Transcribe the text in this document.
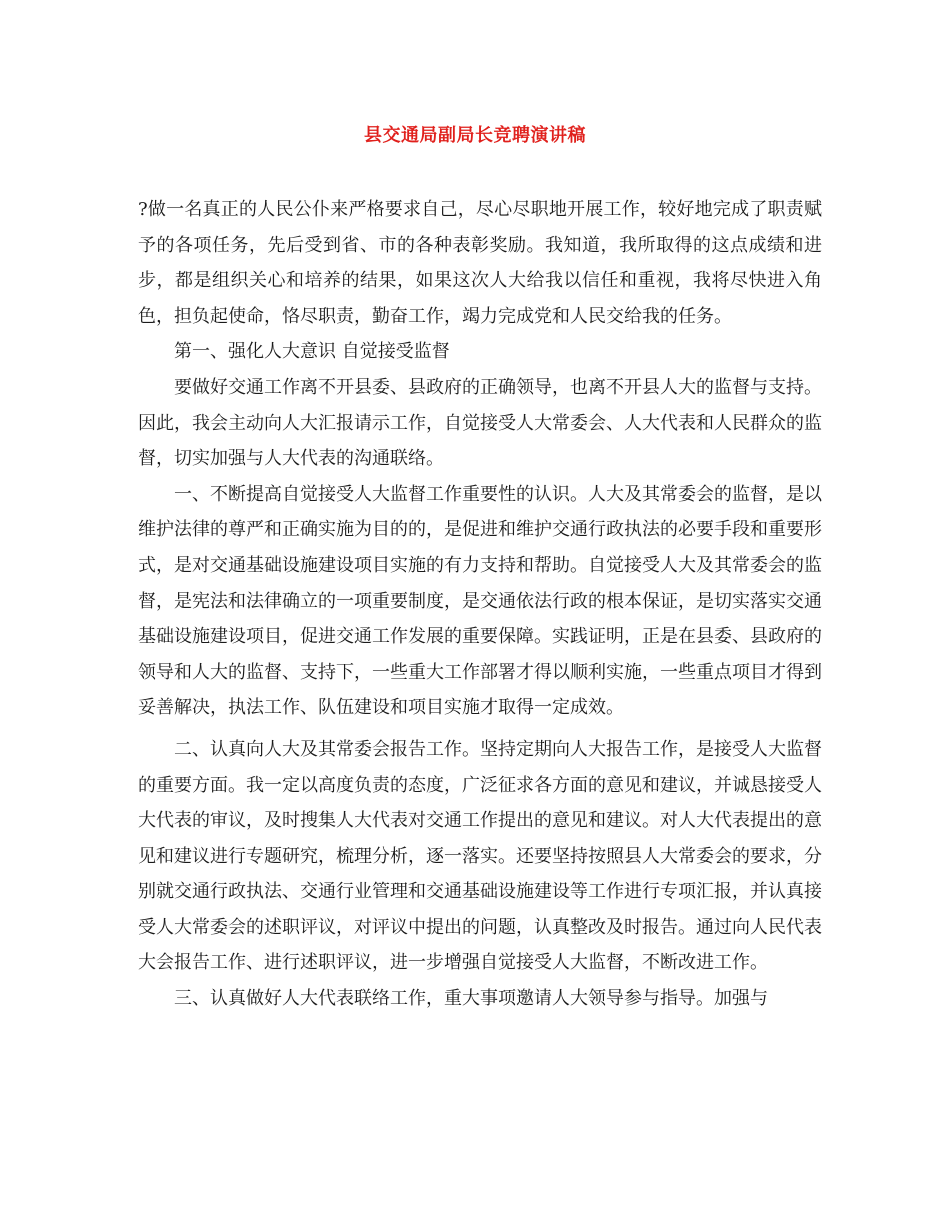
县交通局副局长竞聘演讲稿

?做一名真正的人民公仆来严格要求自己，尽心尽职地开展工作，较好地完成了职责赋予的各项任务，先后受到省、市的各种表彰奖励。我知道，我所取得的这点成绩和进步，都是组织关心和培养的结果，如果这次人大给我以信任和重视，我将尽快进入角色，担负起使命，恪尽职责，勤奋工作，竭力完成党和人民交给我的任务。

第一、强化人大意识 自觉接受监督

要做好交通工作离不开县委、县政府的正确领导，也离不开县人大的监督与支持。因此，我会主动向人大汇报请示工作，自觉接受人大常委会、人大代表和人民群众的监督，切实加强与人大代表的沟通联络。

一、不断提高自觉接受人大监督工作重要性的认识。人大及其常委会的监督，是以维护法律的尊严和正确实施为目的的，是促进和维护交通行政执法的必要手段和重要形式，是对交通基础设施建设项目实施的有力支持和帮助。自觉接受人大及其常委会的监督，是宪法和法律确立的一项重要制度，是交通依法行政的根本保证，是切实落实交通基础设施建设项目，促进交通工作发展的重要保障。实践证明，正是在县委、县政府的领导和人大的监督、支持下，一些重大工作部署才得以顺利实施，一些重点项目才得到妥善解决，执法工作、队伍建设和项目实施才取得一定成效。

二、认真向人大及其常委会报告工作。坚持定期向人大报告工作，是接受人大监督的重要方面。我一定以高度负责的态度，广泛征求各方面的意见和建议，并诚恳接受人大代表的审议，及时搜集人大代表对交通工作提出的意见和建议。对人大代表提出的意见和建议进行专题研究，梳理分析，逐一落实。还要坚持按照县人大常委会的要求，分别就交通行政执法、交通行业管理和交通基础设施建设等工作进行专项汇报，并认真接受人大常委会的述职评议，对评议中提出的问题，认真整改及时报告。通过向人民代表大会报告工作、进行述职评议，进一步增强自觉接受人大监督，不断改进工作。

三、认真做好人大代表联络工作，重大事项邀请人大领导参与指导。加强与
